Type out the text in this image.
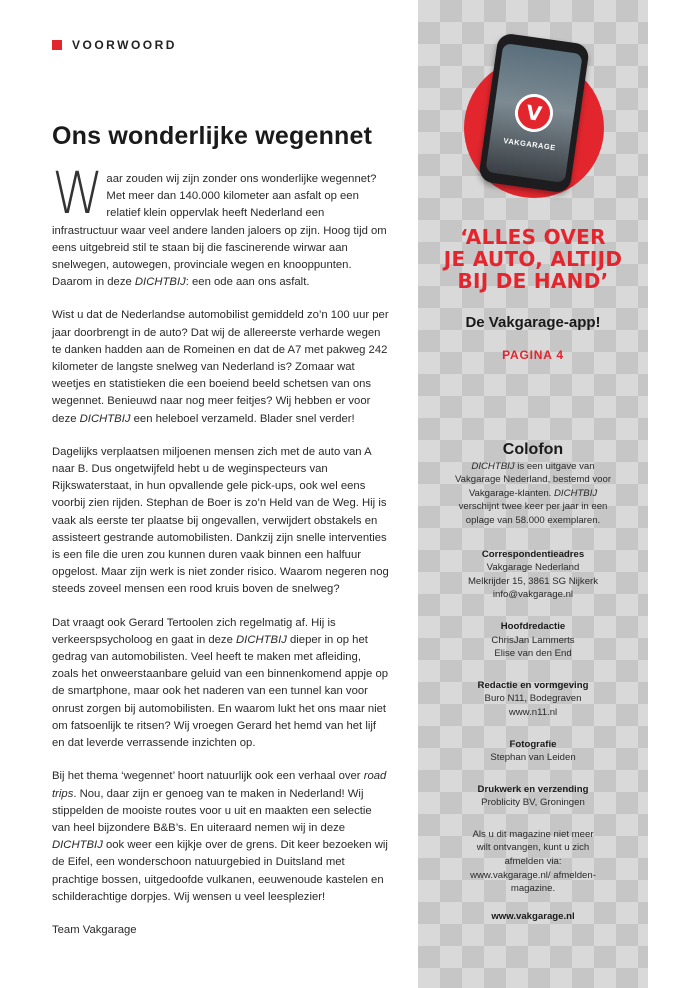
VOORWOORD
Ons wonderlijke wegennet

Waar zouden wij zijn zonder ons wonderlijke wegennet? Met meer dan 140.000 kilometer aan asfalt op een relatief klein oppervlak heeft Nederland een infrastructuur waar veel andere landen jaloers op zijn. Hoog tijd om eens uitgebreid stil te staan bij die fascinerende wirwar aan snelwegen, autowegen, provinciale wegen en knooppunten. Daarom in deze DICHTBIJ: een ode aan ons asfalt.

Wist u dat de Nederlandse automobilist gemiddeld zo’n 100 uur per jaar doorbrengt in de auto? Dat wij de allereerste verharde wegen te danken hadden aan de Romeinen en dat de A7 met pakweg 242 kilometer de langste snelweg van Nederland is? Zomaar wat weetjes en statistieken die een boeiend beeld schetsen van ons wegennet. Benieuwd naar nog meer feitjes? Wij hebben er voor deze DICHTBIJ een heleboel verzameld. Blader snel verder!

Dagelijks verplaatsen miljoenen mensen zich met de auto van A naar B. Dus ongetwijfeld hebt u de weginspecteurs van Rijkswaterstaat, in hun opvallende gele pick-ups, ook wel eens voorbij zien rijden. Stephan de Boer is zo’n Held van de Weg. Hij is vaak als eerste ter plaatse bij ongevallen, verwijdert obstakels en assisteert gestrande automobilisten. Dankzij zijn snelle interventies is een file die uren zou kunnen duren vaak binnen een halfuur opgelost. Maar zijn werk is niet zonder risico. Waarom negeren nog steeds zoveel mensen een rood kruis boven de snelweg?

Dat vraagt ook Gerard Tertoolen zich regelmatig af. Hij is verkeerspsycholoog en gaat in deze DICHTBIJ dieper in op het gedrag van automobilisten. Veel heeft te maken met afleiding, zoals het onweerstaanbare geluid van een binnenkomend appje op de smartphone, maar ook het naderen van een tunnel kan voor onrust zorgen bij automobilisten. En waarom lukt het ons maar niet om fatsoenlijk te ritsen? Wij vroegen Gerard het hemd van het lijf en dat leverde verrassende inzichten op.

Bij het thema ‘wegennet’ hoort natuurlijk ook een verhaal over road trips. Nou, daar zijn er genoeg van te maken in Nederland! Wij stippelden de mooiste routes voor u uit en maakten een selectie van heel bijzondere B&B’s. En uiteraard nemen wij in deze DICHTBIJ ook weer een kijkje over de grens. Dit keer bezoeken wij de Eifel, een wonderschoon natuurgebied in Duitsland met prachtige bossen, uitgedoofde vulkanen, eeuwenoude kastelen en schilderachtige dorpjes. Wij wensen u veel leesplezier!

Team Vakgarage

V
VAKGARAGE
‘ALLES OVER
JE AUTO, ALTIJD
BIJ DE HAND’
De Vakgarage-app!
PAGINA 4
Colofon
DICHTBIJ is een uitgave van Vakgarage Nederland, bestemd voor Vakgarage-klanten. DICHTBIJ verschijnt twee keer per jaar in een oplage van 58.000 exemplaren.
Correspondentieadres
Vakgarage Nederland
Melkrijder 15, 3861 SG Nijkerk
info@vakgarage.nl
Hoofdredactie
ChrisJan Lammerts
Elise van den End
Redactie en vormgeving
Buro N11, Bodegraven
www.n11.nl
Fotografie
Stephan van Leiden
Drukwerk en verzending
Problicity BV, Groningen
Als u dit magazine niet meer wilt ontvangen, kunt u zich afmelden via: www.vakgarage.nl/ afmelden-magazine.
www.vakgarage.nl
